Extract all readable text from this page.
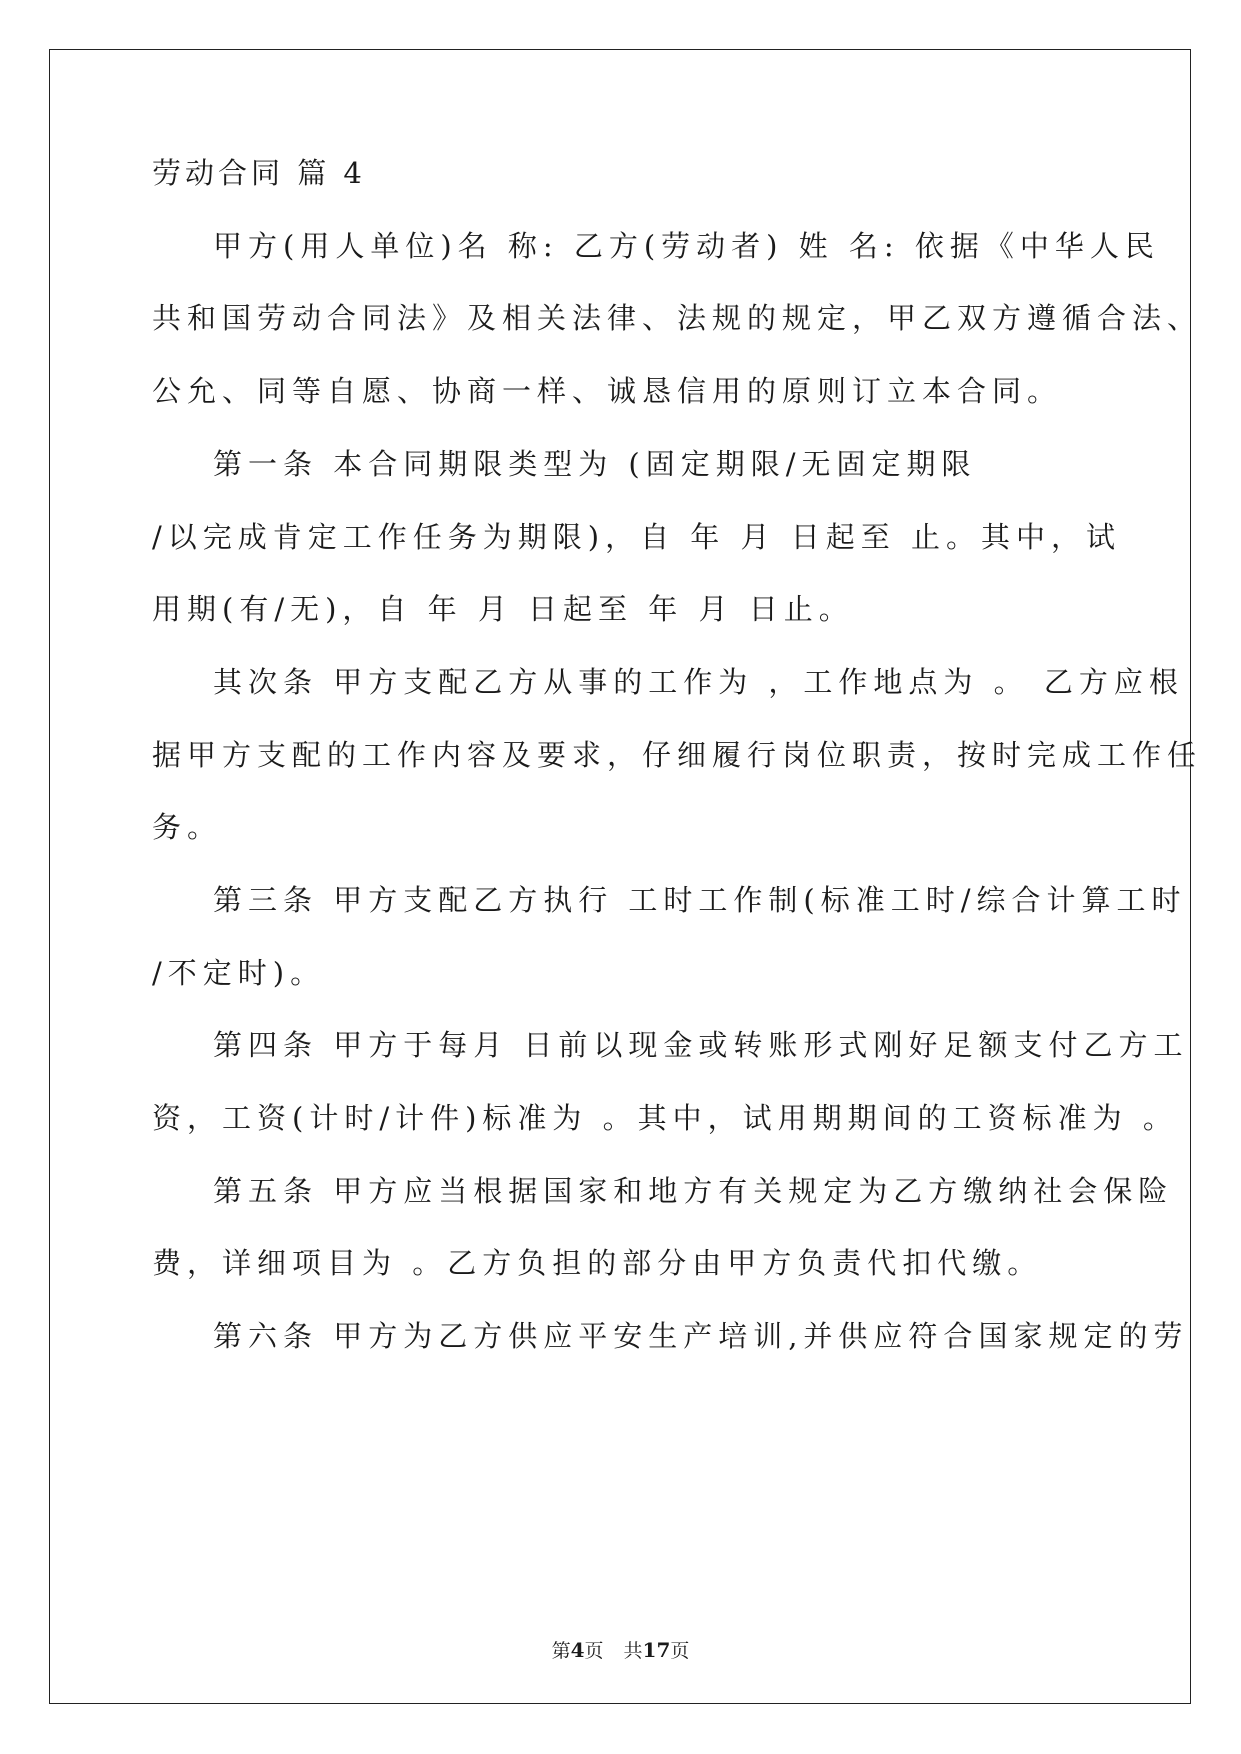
劳动合同 篇 4
甲方(用人单位)名 称: 乙方(劳动者) 姓 名: 依据《中华人民
共和国劳动合同法》及相关法律、法规的规定，甲乙双方遵循合法、
公允、同等自愿、协商一样、诚恳信用的原则订立本合同。
第一条 本合同期限类型为 (固定期限/无固定期限
/以完成肯定工作任务为期限)，自 年 月 日起至 止。其中，试
用期(有/无)，自 年 月 日起至 年 月 日止。
其次条 甲方支配乙方从事的工作为 ，工作地点为 。 乙方应根
据甲方支配的工作内容及要求，仔细履行岗位职责，按时完成工作任
务。
第三条 甲方支配乙方执行 工时工作制(标准工时/综合计算工时
/不定时)。
第四条 甲方于每月 日前以现金或转账形式刚好足额支付乙方工
资，工资(计时/计件)标准为 。其中，试用期期间的工资标准为 。
第五条 甲方应当根据国家和地方有关规定为乙方缴纳社会保险
费，详细项目为 。乙方负担的部分由甲方负责代扣代缴。
第六条 甲方为乙方供应平安生产培训,并供应符合国家规定的劳
第4页 共17页
